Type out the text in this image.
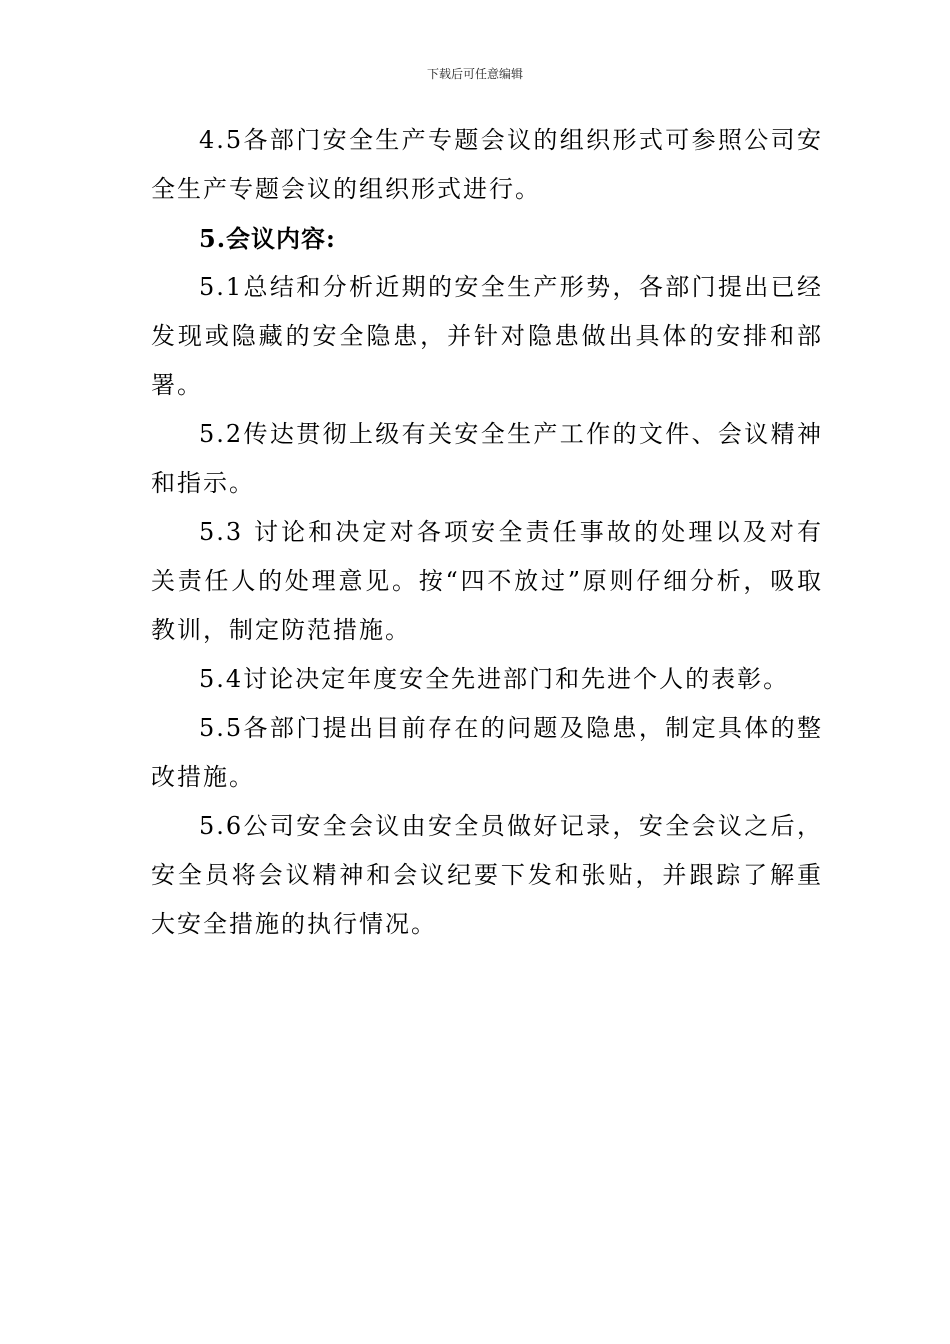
下载后可任意编辑

4.5各部门安全生产专题会议的组织形式可参照公司安全生产专题会议的组织形式进行。

5.会议内容:

5.1总结和分析近期的安全生产形势，各部门提出已经发现或隐藏的安全隐患，并针对隐患做出具体的安排和部署。

5.2传达贯彻上级有关安全生产工作的文件、会议精神和指示。

5.3 讨论和决定对各项安全责任事故的处理以及对有关责任人的处理意见。按“四不放过”原则仔细分析，吸取教训，制定防范措施。

5.4讨论决定年度安全先进部门和先进个人的表彰。

5.5各部门提出目前存在的问题及隐患，制定具体的整改措施。

5.6公司安全会议由安全员做好记录，安全会议之后，安全员将会议精神和会议纪要下发和张贴，并跟踪了解重大安全措施的执行情况。
